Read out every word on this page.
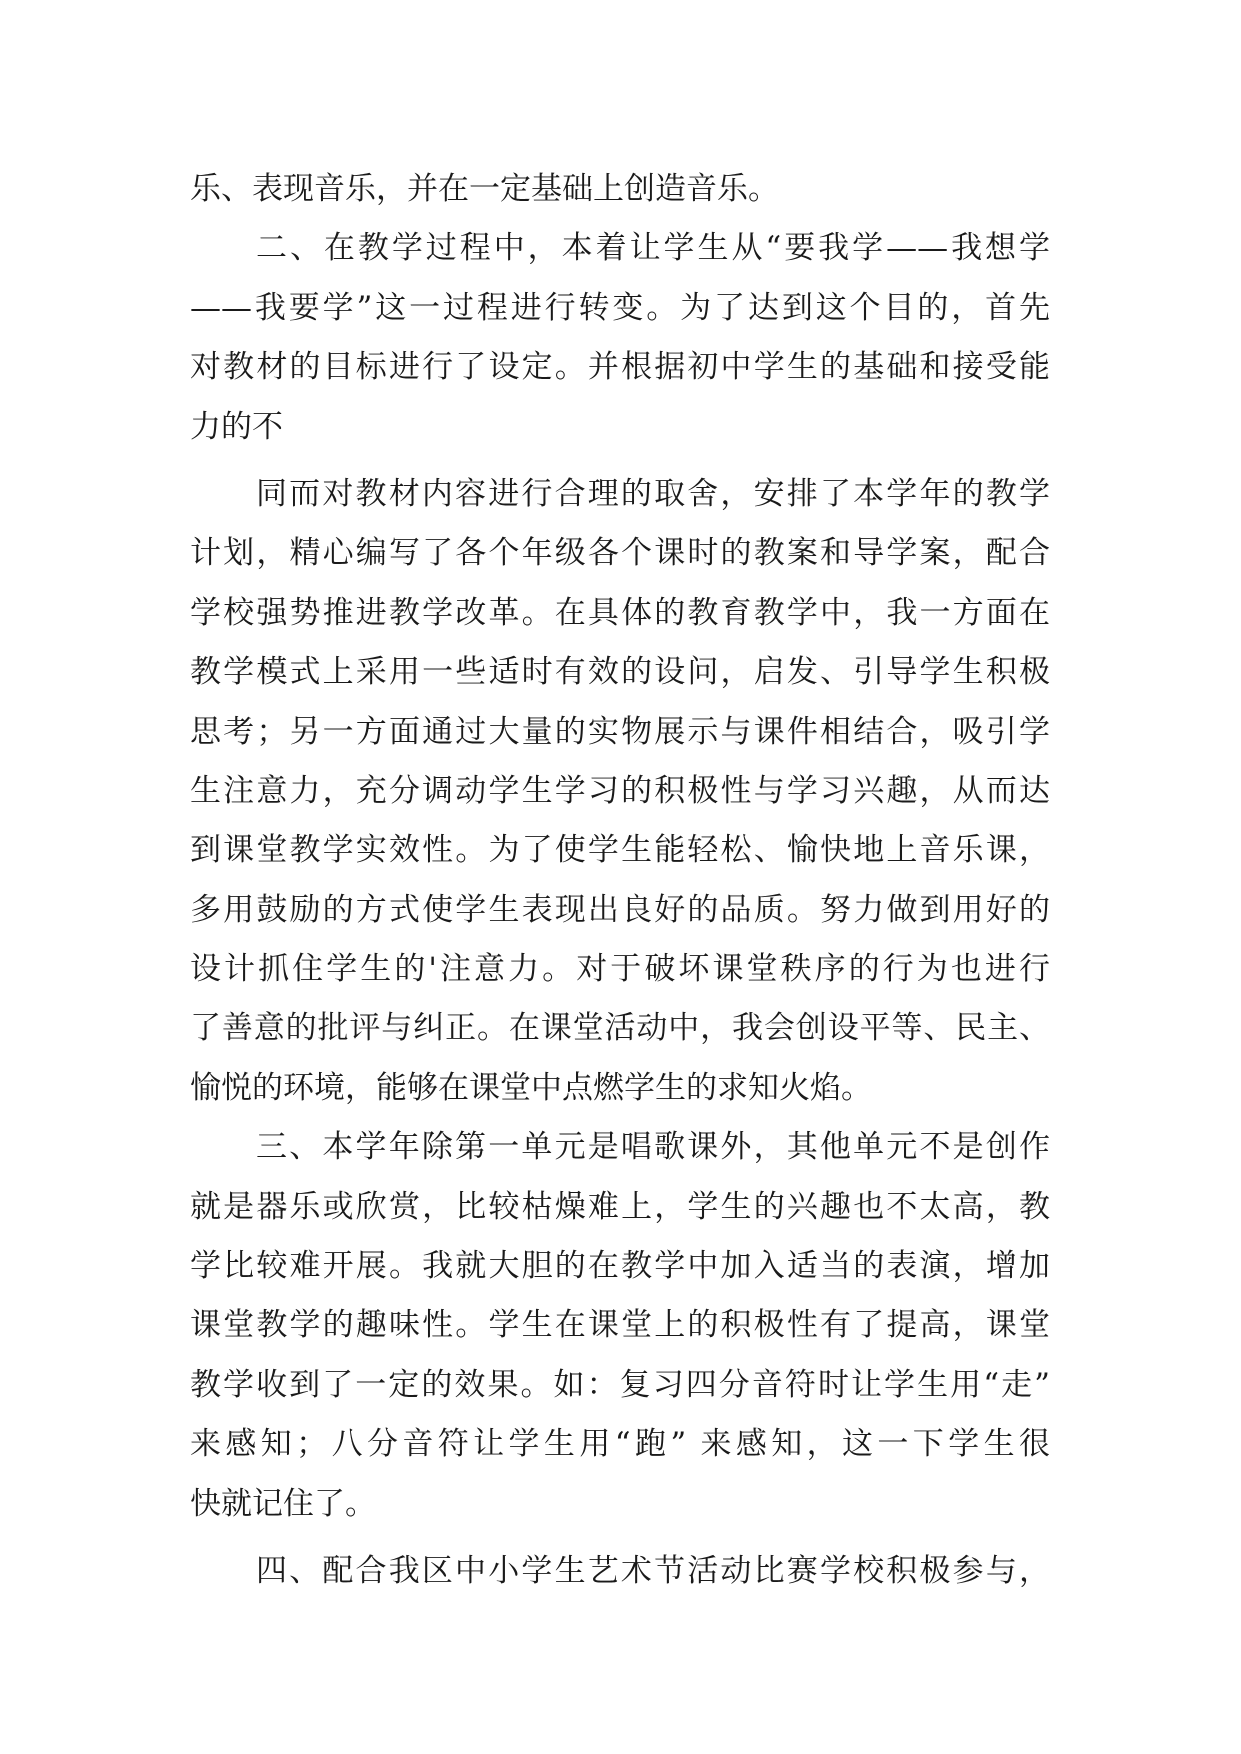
乐、表现音乐，并在一定基础上创造音乐。
二、在教学过程中，本着让学生从“要我学——我想学
——我要学”这一过程进行转变。为了达到这个目的，首先
对教材的目标进行了设定。并根据初中学生的基础和接受能
力的不
同而对教材内容进行合理的取舍，安排了本学年的教学
计划，精心编写了各个年级各个课时的教案和导学案，配合
学校强势推进教学改革。在具体的教育教学中，我一方面在
教学模式上采用一些适时有效的设问，启发、引导学生积极
思考；另一方面通过大量的实物展示与课件相结合，吸引学
生注意力，充分调动学生学习的积极性与学习兴趣，从而达
到课堂教学实效性。为了使学生能轻松、愉快地上音乐课，
多用鼓励的方式使学生表现出良好的品质。努力做到用好的
设计抓住学生的'注意力。对于破坏课堂秩序的行为也进行
了善意的批评与纠正。在课堂活动中，我会创设平等、民主、
愉悦的环境，能够在课堂中点燃学生的求知火焰。
三、本学年除第一单元是唱歌课外，其他单元不是创作
就是器乐或欣赏，比较枯燥难上，学生的兴趣也不太高，教
学比较难开展。我就大胆的在教学中加入适当的表演，增加
课堂教学的趣味性。学生在课堂上的积极性有了提高，课堂
教学收到了一定的效果。如：复习四分音符时让学生用“走”
来感知；八分音符让学生用“跑” 来感知，这一下学生很
快就记住了。
四、配合我区中小学生艺术节活动比赛学校积极参与，
